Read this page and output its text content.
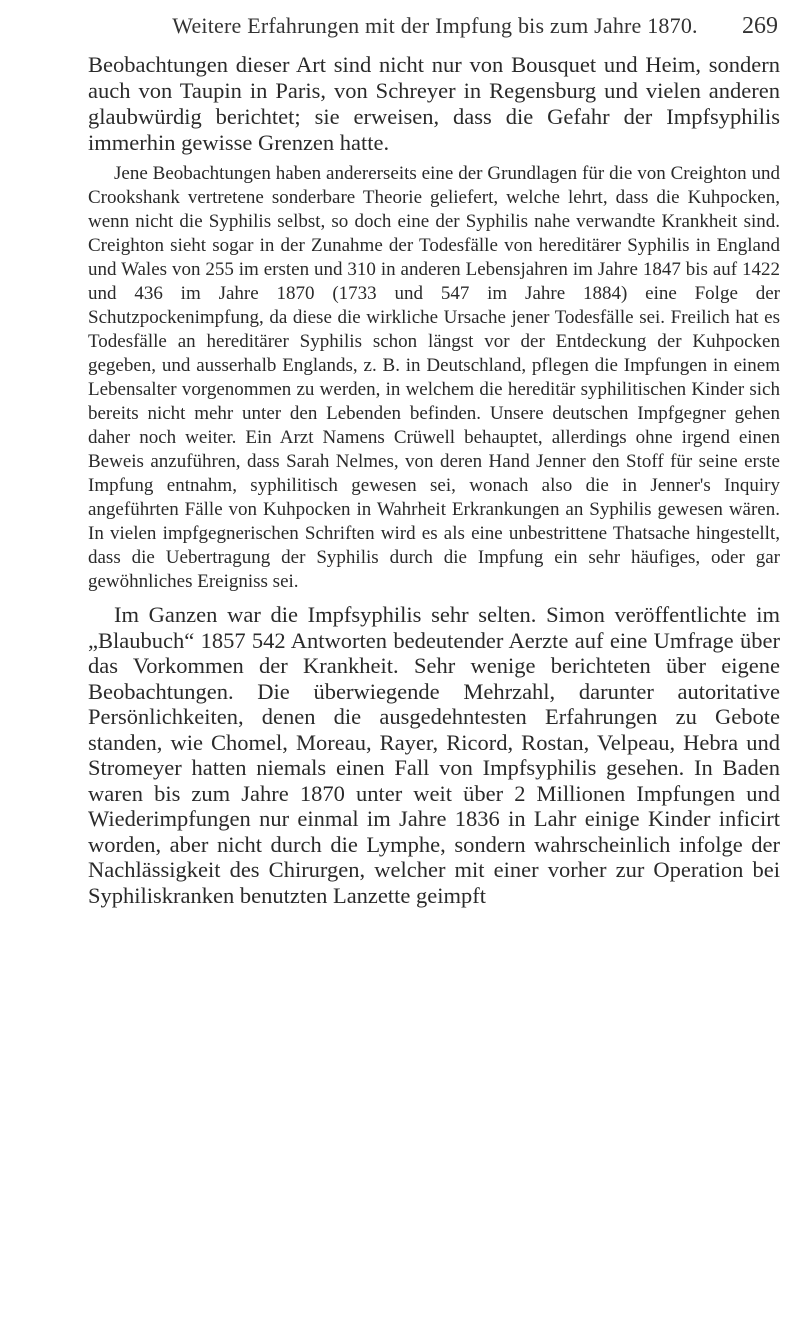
Weitere Erfahrungen mit der Impfung bis zum Jahre 1870.	269

Beobachtungen dieser Art sind nicht nur von Bousquet und Heim, sondern auch von Taupin in Paris, von Schreyer in Regensburg und vielen anderen glaubwürdig berichtet; sie erweisen, dass die Gefahr der Impfsyphilis immerhin gewisse Grenzen hatte.

Jene Beobachtungen haben andererseits eine der Grundlagen für die von Creighton und Crookshank vertretene sonderbare Theorie geliefert, welche lehrt, dass die Kuhpocken, wenn nicht die Syphilis selbst, so doch eine der Syphilis nahe verwandte Krankheit sind. Creighton sieht sogar in der Zunahme der Todesfälle von hereditärer Syphilis in England und Wales von 255 im ersten und 310 in anderen Lebensjahren im Jahre 1847 bis auf 1422 und 436 im Jahre 1870 (1733 und 547 im Jahre 1884) eine Folge der Schutzpockenimpfung, da diese die wirkliche Ursache jener Todesfälle sei. Freilich hat es Todesfälle an hereditärer Syphilis schon längst vor der Entdeckung der Kuhpocken gegeben, und ausserhalb Englands, z. B. in Deutschland, pflegen die Impfungen in einem Lebensalter vorgenommen zu werden, in welchem die hereditär syphilitischen Kinder sich bereits nicht mehr unter den Lebenden befinden. Unsere deutschen Impfgegner gehen daher noch weiter. Ein Arzt Namens Crüwell behauptet, allerdings ohne irgend einen Beweis anzuführen, dass Sarah Nelmes, von deren Hand Jenner den Stoff für seine erste Impfung entnahm, syphilitisch gewesen sei, wonach also die in Jenner's Inquiry angeführten Fälle von Kuhpocken in Wahrheit Erkrankungen an Syphilis gewesen wären. In vielen impfgegnerischen Schriften wird es als eine unbestrittene Thatsache hingestellt, dass die Uebertragung der Syphilis durch die Impfung ein sehr häufiges, oder gar gewöhnliches Ereigniss sei.

Im Ganzen war die Impfsyphilis sehr selten. Simon veröffentlichte im „Blaubuch“ 1857 542 Antworten bedeutender Aerzte auf eine Umfrage über das Vorkommen der Krankheit. Sehr wenige berichteten über eigene Beobachtungen. Die überwiegende Mehrzahl, darunter autoritative Persönlichkeiten, denen die ausgedehntesten Erfahrungen zu Gebote standen, wie Chomel, Moreau, Rayer, Ricord, Rostan, Velpeau, Hebra und Stromeyer hatten niemals einen Fall von Impfsyphilis gesehen. In Baden waren bis zum Jahre 1870 unter weit über 2 Millionen Impfungen und Wiederimpfungen nur einmal im Jahre 1836 in Lahr einige Kinder inficirt worden, aber nicht durch die Lymphe, sondern wahrscheinlich infolge der Nachlässigkeit des Chirurgen, welcher mit einer vorher zur Operation bei Syphiliskranken benutzten Lanzette geimpft
